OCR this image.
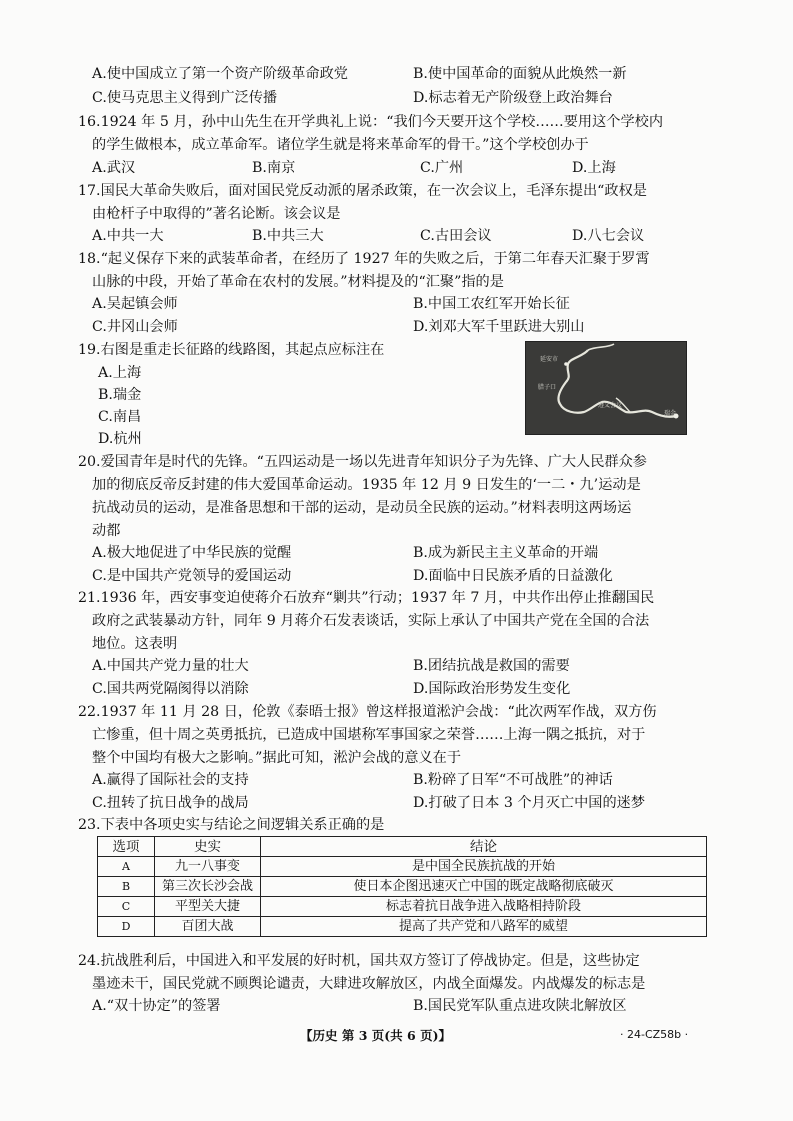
A.使中国成立了第一个资产阶级革命政党	B.使中国革命的面貌从此焕然一新
C.使马克思主义得到广泛传播	D.标志着无产阶级登上政治舞台
16.1924 年 5 月，孙中山先生在开学典礼上说：“我们今天要开这个学校……要用这个学校内
的学生做根本，成立革命军。诸位学生就是将来革命军的骨干。”这个学校创办于
A.武汉	B.南京	C.广州	D.上海
17.国民大革命失败后，面对国民党反动派的屠杀政策，在一次会议上，毛泽东提出“政权是
由枪杆子中取得的”著名论断。该会议是
A.中共一大	B.中共三大	C.古田会议	D.八七会议
18.“起义保存下来的武装革命者，在经历了 1927 年的失败之后，于第二年春天汇聚于罗霄
山脉的中段，开始了革命在农村的发展。”材料提及的“汇聚”指的是
A.吴起镇会师	B.中国工农红军开始长征
C.井冈山会师	D.刘邓大军千里跃进大别山
19.右图是重走长征路的线路图，其起点应标注在
A.上海
B.瑞金
C.南昌
D.杭州
延安市
腊子口
遵义会议
瑞金
20.爱国青年是时代的先锋。“五四运动是一场以先进青年知识分子为先锋、广大人民群众参
加的彻底反帝反封建的伟大爱国革命运动。1935 年 12 月 9 日发生的‘一二・九’运动是
抗战动员的运动，是准备思想和干部的运动，是动员全民族的运动。”材料表明这两场运
动都
A.极大地促进了中华民族的觉醒	B.成为新民主主义革命的开端
C.是中国共产党领导的爱国运动	D.面临中日民族矛盾的日益激化
21.1936 年，西安事变迫使蒋介石放弃“剿共”行动；1937 年 7 月，中共作出停止推翻国民
政府之武装暴动方针，同年 9 月蒋介石发表谈话，实际上承认了中国共产党在全国的合法
地位。这表明
A.中国共产党力量的壮大	B.团结抗战是救国的需要
C.国共两党隔阂得以消除	D.国际政治形势发生变化
22.1937 年 11 月 28 日，伦敦《泰晤士报》曾这样报道淞沪会战：“此次两军作战，双方伤
亡惨重，但十周之英勇抵抗，已造成中国堪称军事国家之荣誉……上海一隅之抵抗，对于
整个中国均有极大之影响。”据此可知，淞沪会战的意义在于
A.赢得了国际社会的支持	B.粉碎了日军“不可战胜”的神话
C.扭转了抗日战争的战局	D.打破了日本 3 个月灭亡中国的迷梦
23.下表中各项史实与结论之间逻辑关系正确的是
选项	史实	结论
A	九一八事变	是中国全民族抗战的开始
B	第三次长沙会战	使日本企图迅速灭亡中国的既定战略彻底破灭
C	平型关大捷	标志着抗日战争进入战略相持阶段
D	百团大战	提高了共产党和八路军的威望
24.抗战胜利后，中国进入和平发展的好时机，国共双方签订了停战协定。但是，这些协定
墨迹未干，国民党就不顾舆论谴责，大肆进攻解放区，内战全面爆发。内战爆发的标志是
A.“双十协定”的签署	B.国民党军队重点进攻陕北解放区
【历史 第 3 页(共 6 页)】	· 24-CZ58b ·
